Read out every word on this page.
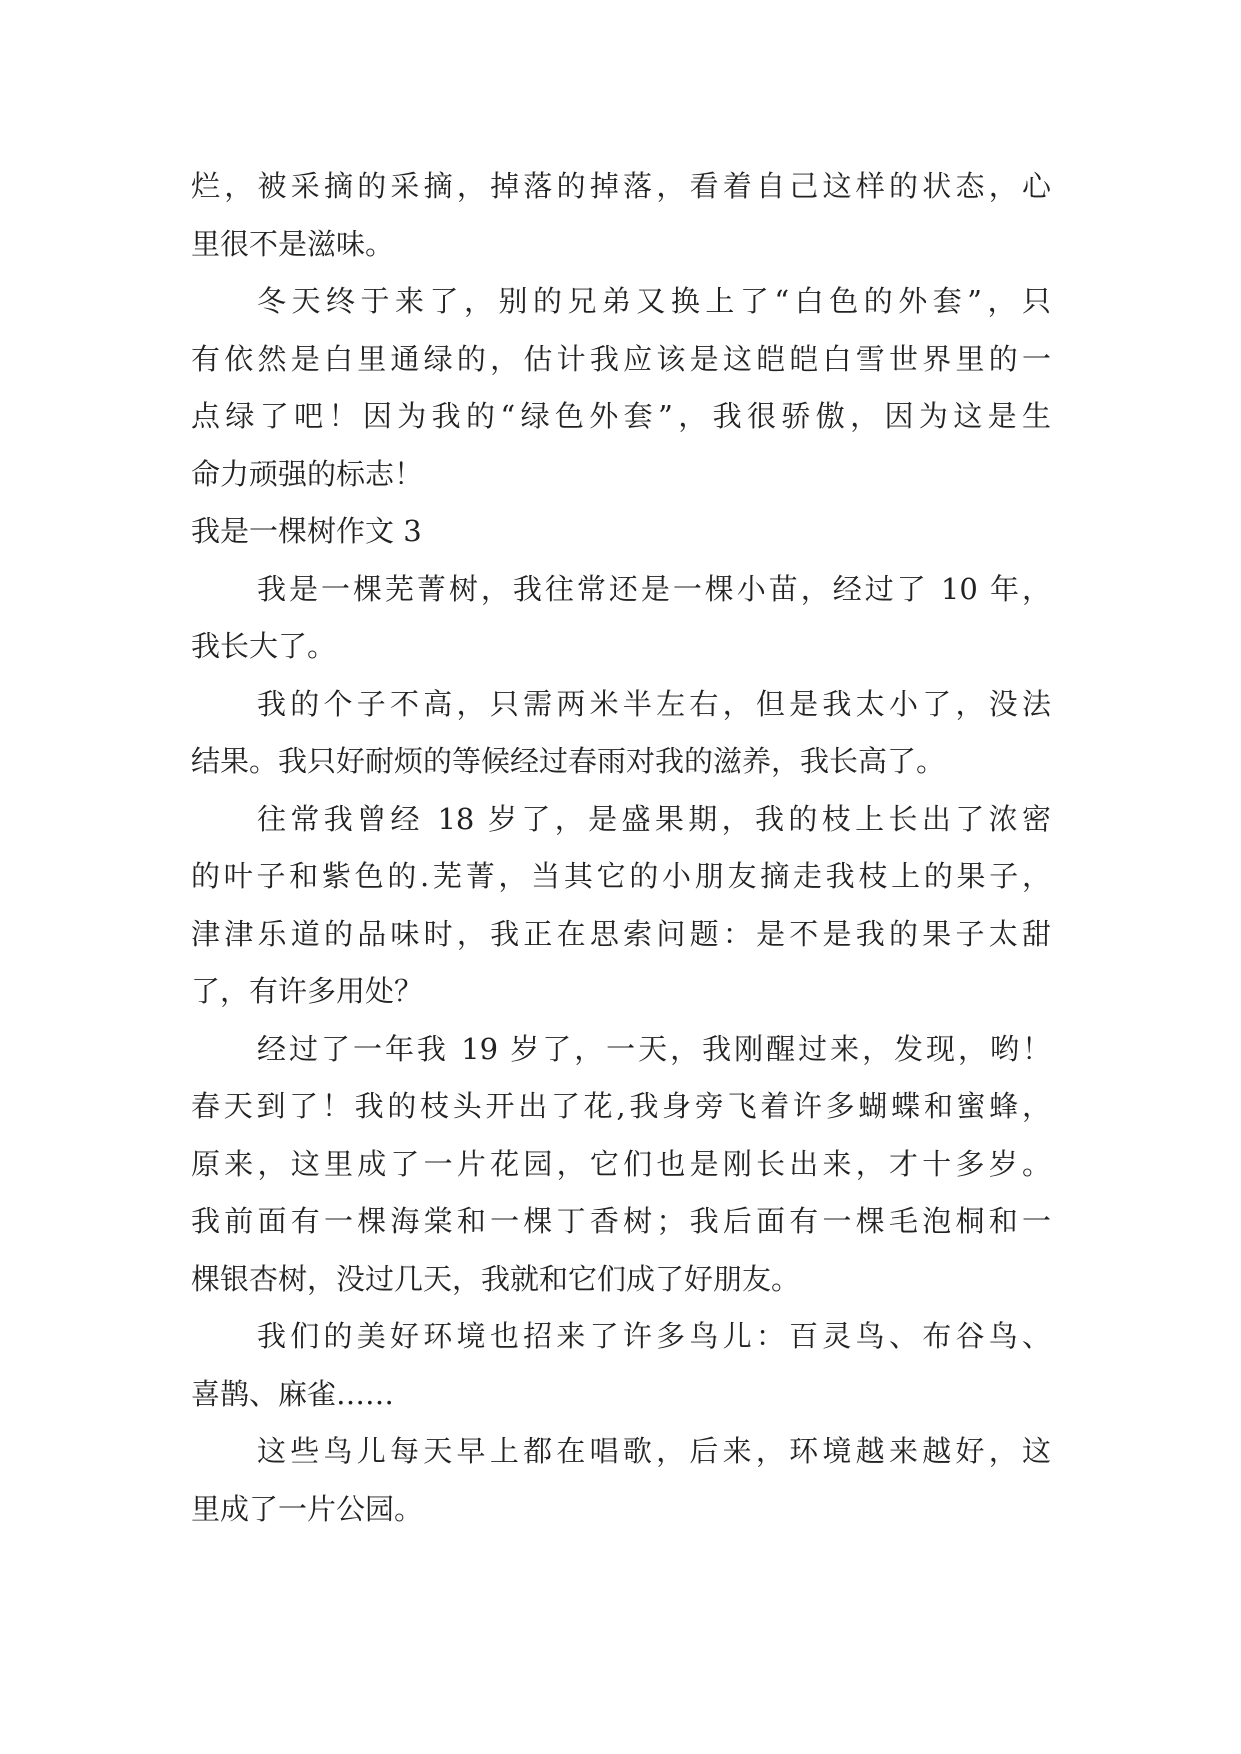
烂，被采摘的采摘，掉落的掉落，看着自己这样的状态，心
里很不是滋味。
冬天终于来了，别的兄弟又换上了“白色的外套”，只
有依然是白里通绿的，估计我应该是这皑皑白雪世界里的一
点绿了吧！因为我的“绿色外套”，我很骄傲，因为这是生
命力顽强的标志！
我是一棵树作文 3
我是一棵芜菁树，我往常还是一棵小苗，经过了 10 年，
我长大了。
我的个子不高，只需两米半左右，但是我太小了，没法
结果。我只好耐烦的等候经过春雨对我的滋养，我长高了。
往常我曾经 18 岁了，是盛果期，我的枝上长出了浓密
的叶子和紫色的.芜菁，当其它的小朋友摘走我枝上的果子，
津津乐道的品味时，我正在思索问题：是不是我的果子太甜
了，有许多用处？
经过了一年我 19 岁了，一天，我刚醒过来，发现，哟！
春天到了！我的枝头开出了花,我身旁飞着许多蝴蝶和蜜蜂，
原来，这里成了一片花园，它们也是刚长出来，才十多岁。
我前面有一棵海棠和一棵丁香树；我后面有一棵毛泡桐和一
棵银杏树，没过几天，我就和它们成了好朋友。
我们的美好环境也招来了许多鸟儿：百灵鸟、布谷鸟、
喜鹊、麻雀……
这些鸟儿每天早上都在唱歌，后来，环境越来越好，这
里成了一片公园。
